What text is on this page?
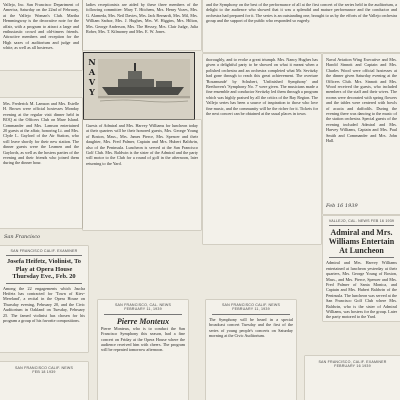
Vallejo, Inc. San Francisco Department of America, Saturday on the 22nd of February, at the Vallejo Woman's Club. Martha Hemmingway is the decorative note for the affair, with a program to attract a large and enthusiastic crowd and old-timers friends. Attractive members and reception for the High saxes of auditorium and judge and white, as well as all hostesses.

NAVY

ladies receptionists are aided by these three members of the following committee: Mary T. Hitchens, Mrs. Henry Vozes, Mrs. G. Alameda, Mrs. Neil Davies, Mrs. Jack Bernardi, Mrs. Mil, Mrs. William Sadsor, Mrs. J. Hughes, Mrs. W. Higgins, Mrs. Hilton, Mrs. George Anderson, Mrs. The Hessey, Mrs. Clair Judge, Julia Rober, Mrs. T. Kilmoney and Mrs. E. W. Jones.

and the Symphony on the best of the performance of all at the first concert of the series held in the auditorium, a delight to the audience who showed that it was a splendid and mature performance and the conductor and orchestra had prepared for it. The series is an outstanding one, brought to us by the efforts of the Vallejo orchestra group and the support of the public who responded so eagerly.

Mrs. Frederick M. Lamson and Mrs. Estelle H. Brown were official hostesses Monday evening at the regular visit dinner held in BOQ at the Officers Club on Mare Island. Commander and Mrs. Lamson entertained 20 guests at the affair, honoring Lt. and Mrs. Clyde L. Gaylord of the Air Station, who will leave shortly for their new station. The dinner guests were the Leamen and the Gaylords, as well as the hostess parties of the evening and their friends who joined them during the dinner hour.

Guests of Admiral and Mrs. Harvey Williams for luncheon today at their quarters will be their honored guests, Mrs. George Young of Boston, Mass., Mrs. James Pierce, Mrs. Spencer and their daughter, Mrs. Fred Palmer, Captain and Mrs. Hubert Baldwin, also of the Peninsula. Luncheon is served at the San Francisco Golf Club. Mrs. Baldwin is the sister of the Admiral and the party will motor to the Club for a round of golf in the afternoon, later returning to the Yard.

thoroughly, and to evoke a great triumph. Mrs. Nancy Hughes has given a delightful party to be showed on what it meant when a polished orchestra and an orchestra completed what Mr. Sevitzky had gone through to reach this great achievement. The overture 'Rosamunde' by Schubert, 'Unfinished Symphony' and Beethoven's 'Symphony No. 7' were given. The musicians made a fine ensemble and conductor Sevitzky led them through a program which was highly praised by all the critics of the Bay Region. The Vallejo series has been a source of inspiration to those who love fine music, and the community will be the richer for it. Tickets for the next concert can be obtained at the usual places in town.

Naval Aviation Wing Executive and Mrs. Harold Sinnott and Captain and Mrs. Charles Wood were official hostesses at the dinner given Saturday evening at the Officers Club. Mrs. Sinnott and Mrs. Wood received the guests, who included members of the staff and their wives. The rooms were decorated with spring flowers and the tables were centered with bowls of acacia and daffodils. During the evening there was dancing to the music of the station orchestra. Special guests of the evening included Admiral and Mrs. Harvey Williams, Captain and Mrs. Paul Smith and Commander and Mrs. John Hall.

VALLEJO, CAL. NEWS FEB 16 1939
Admiral and Mrs. Williams Entertain At Luncheon

Admiral and Mrs. Harvey Williams entertained at luncheon yesterday at their quarters, Mrs. George Young of Boston, Mass., and Mrs. Pierce, Spencer and Mrs. Fred Palmer of Santa Monica, and Captain and Mrs. Hubert Baldwin of the Peninsula. The luncheon was served at the San Francisco Golf Club where Mrs. Baldwin, who is the sister of Admiral Williams, was hostess for the group. Later the party motored to the Yard.

SAN FRANCISCO CALIF. EXAMINER
Josefa Heifetz, Violinist, To Play at Opera House Thursday Eve., Feb. 20

Among the 22 engagements which Jascha Heifetz has contracted for 'Town of Kiev-Mereland', a recital in the Opera House on Thursday evening, February 20, and the Civic Auditorium in Oakland on Tuesday, February 25. The famed violinist has chosen for his program a group of his favorite compositions.

SAN FRANCISCO, CAL. NEWS
FEBRUARY 11, 1939
Pierre Monteux

Pierre Monteux, who is to conduct the San Francisco Symphony this season, had a fine concert on Friday at the Opera House where the audience received him with cheers. The program will be repeated tomorrow afternoon.

SAN FRANCISCO CALIF. NEWS
FEBRUARY 11, 1939

The Symphony will be heard in a special broadcast concert Tuesday and the first of the series of young people's concerts on Saturday morning at the Civic Auditorium.

SAN FRANCISCO CALIF. NEWS
FEB 18 1939
SAN FRANCISCO, CALIF. EXAMINER
FEBRUARY 16 1939
San Francisco
Feb 16 1939
